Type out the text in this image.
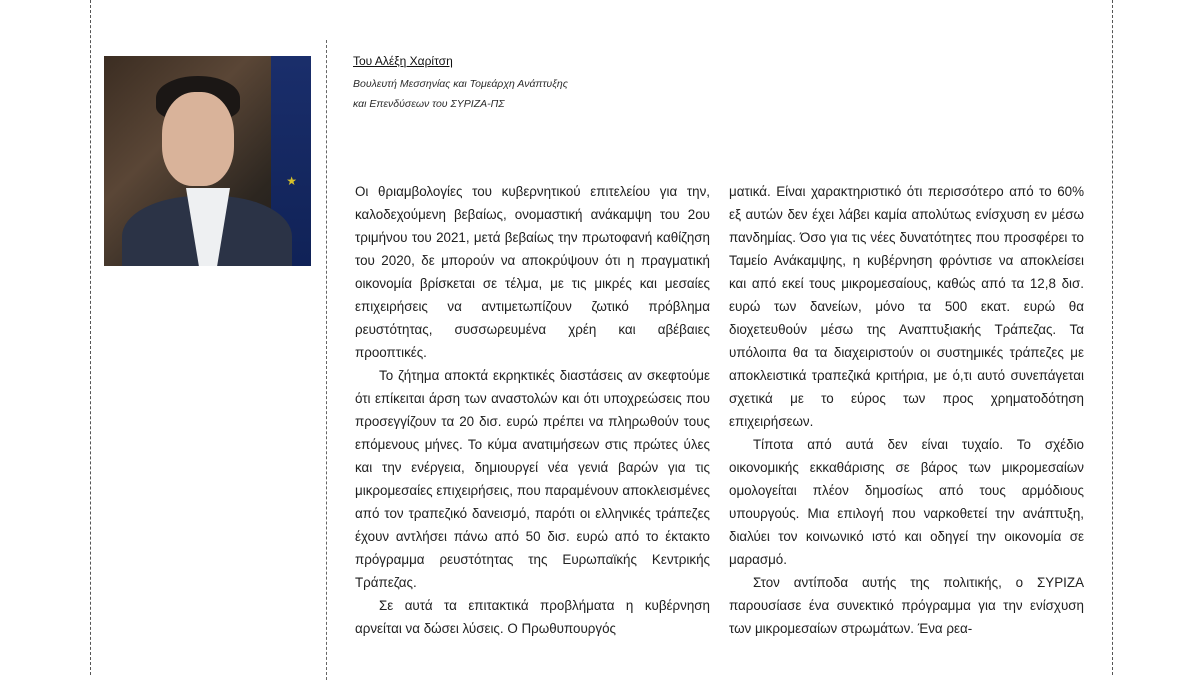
★
Του Αλέξη Χαρίτση
Βουλευτή Μεσσηνίας και Τομεάρχη Ανάπτυξης
και Επενδύσεων του ΣΥΡΙΖΑ-ΠΣ

Οι θριαμβολογίες του κυβερνητικού επιτελείου για την, καλοδεχούμενη βεβαίως, ονομαστική ανάκαμψη του 2ου τριμήνου του 2021, μετά βεβαίως την πρωτοφανή καθίζηση του 2020, δε μπορούν να αποκρύψουν ότι η πραγματική οικονομία βρίσκεται σε τέλμα, με τις μικρές και μεσαίες επιχειρήσεις να αντιμετωπίζουν ζωτικό πρόβλημα ρευστότητας, συσσωρευμένα χρέη και αβέβαιες προοπτικές.

Το ζήτημα αποκτά εκρηκτικές διαστάσεις αν σκεφτούμε ότι επίκειται άρση των αναστολών και ότι υποχρεώσεις που προσεγγίζουν τα 20 δισ. ευρώ πρέπει να πληρωθούν τους επόμενους μήνες. Το κύμα ανατιμήσεων στις πρώτες ύλες και την ενέργεια, δημιουργεί νέα γενιά βαρών για τις μικρομεσαίες επιχειρήσεις, που παραμένουν αποκλεισμένες από τον τραπεζικό δανεισμό, παρότι οι ελληνικές τράπεζες έχουν αντλήσει πάνω από 50 δισ. ευρώ από το έκτακτο πρόγραμμα ρευστότητας της Ευρωπαϊκής Κεντρικής Τράπεζας.

Σε αυτά τα επιτακτικά προβλήματα η κυβέρνηση αρνείται να δώσει λύσεις. Ο Πρωθυπουργός

ματικά. Είναι χαρακτηριστικό ότι περισσότερο από το 60% εξ αυτών δεν έχει λάβει καμία απολύτως ενίσχυση εν μέσω πανδημίας. Όσο για τις νέες δυνατότητες που προσφέρει το Ταμείο Ανάκαμψης, η κυβέρνηση φρόντισε να αποκλείσει και από εκεί τους μικρομεσαίους, καθώς από τα 12,8 δισ. ευρώ των δανείων, μόνο τα 500 εκατ. ευρώ θα διοχετευθούν μέσω της Αναπτυξιακής Τράπεζας. Τα υπόλοιπα θα τα διαχειριστούν οι συστημικές τράπεζες με αποκλειστικά τραπεζικά κριτήρια, με ό,τι αυτό συνεπάγεται σχετικά με το εύρος των προς χρηματοδότηση επιχειρήσεων.

Τίποτα από αυτά δεν είναι τυχαίο. Το σχέδιο οικονομικής εκκαθάρισης σε βάρος των μικρομεσαίων ομολογείται πλέον δημοσίως από τους αρμόδιους υπουργούς. Μια επιλογή που ναρκοθετεί την ανάπτυξη, διαλύει τον κοινωνικό ιστό και οδηγεί την οικονομία σε μαρασμό.

Στον αντίποδα αυτής της πολιτικής, ο ΣΥΡΙΖΑ παρουσίασε ένα συνεκτικό πρόγραμμα για την ενίσχυση των μικρομεσαίων στρωμάτων. Ένα ρεα-
